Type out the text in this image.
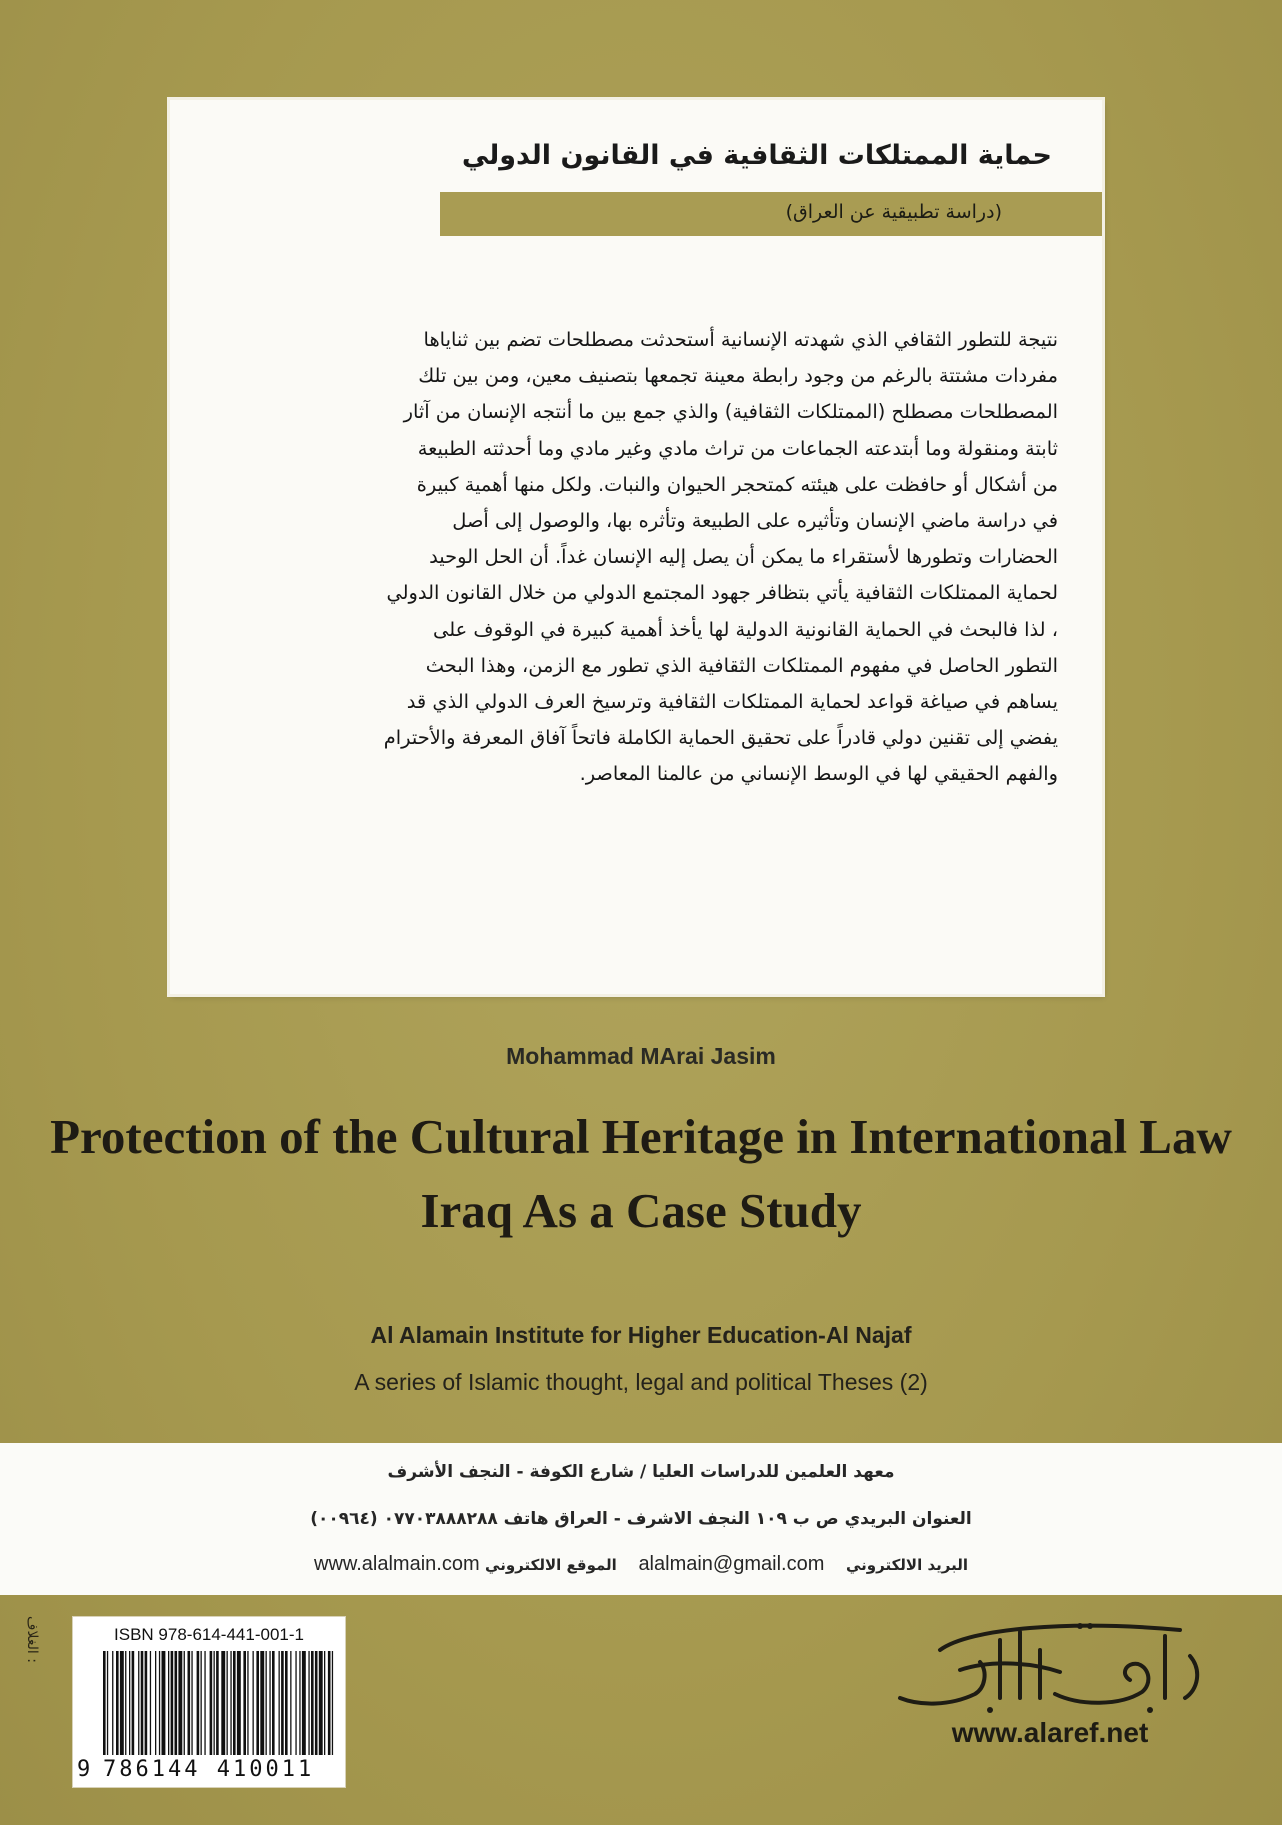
حماية الممتلكات الثقافية في القانون الدولي
(دراسة تطبيقية عن العراق)
نتيجة للتطور الثقافي الذي شهدته الإنسانية أستحدثت مصطلحات تضم بين ثناياها
مفردات مشتتة بالرغم من وجود رابطة معينة تجمعها بتصنيف معين، ومن بين تلك
المصطلحات مصطلح (الممتلكات الثقافية) والذي جمع بين ما أنتجه الإنسان من آثار
ثابتة ومنقولة وما أبتدعته الجماعات من تراث مادي وغير مادي وما أحدثته الطبيعة
من أشكال أو حافظت على هيئته كمتحجر الحيوان والنبات. ولكل منها أهمية كبيرة
في دراسة ماضي الإنسان وتأثيره على الطبيعة وتأثره بها، والوصول إلى أصل
الحضارات وتطورها لأستقراء ما يمكن أن يصل إليه الإنسان غداً. أن الحل الوحيد
لحماية الممتلكات الثقافية يأتي بتظافر جهود المجتمع الدولي من خلال القانون الدولي
، لذا فالبحث في الحماية القانونية الدولية لها يأخذ أهمية كبيرة في الوقوف على
التطور الحاصل في مفهوم الممتلكات الثقافية الذي تطور مع الزمن، وهذا البحث
يساهم في صياغة قواعد لحماية الممتلكات الثقافية وترسيخ العرف الدولي الذي قد
يفضي إلى تقنين دولي قادراً على تحقيق الحماية الكاملة فاتحاً آفاق المعرفة والأحترام
والفهم الحقيقي لها في الوسط الإنساني من عالمنا المعاصر.
Mohammad MArai Jasim
Protection of the Cultural Heritage in International Law
Iraq As a Case Study
Al Alamain Institute for Higher Education-Al Najaf
A series of Islamic thought, legal and political Theses (2)
معهد العلمين للدراسات العليا / شارع الكوفة - النجف الأشرف
العنوان البريدي ص ب ١٠٩ النجف الاشرف - العراق هاتف ٠٧٧٠٣٨٨٨٢٨٨ (٠٠٩٦٤)
www.alalmain.com الموقع الالكتروني alalmain@gmail.com البريد الالكتروني
الغلاف :
ISBN 978-614-441-001-1
9 786144 410011
www.alaref.net
